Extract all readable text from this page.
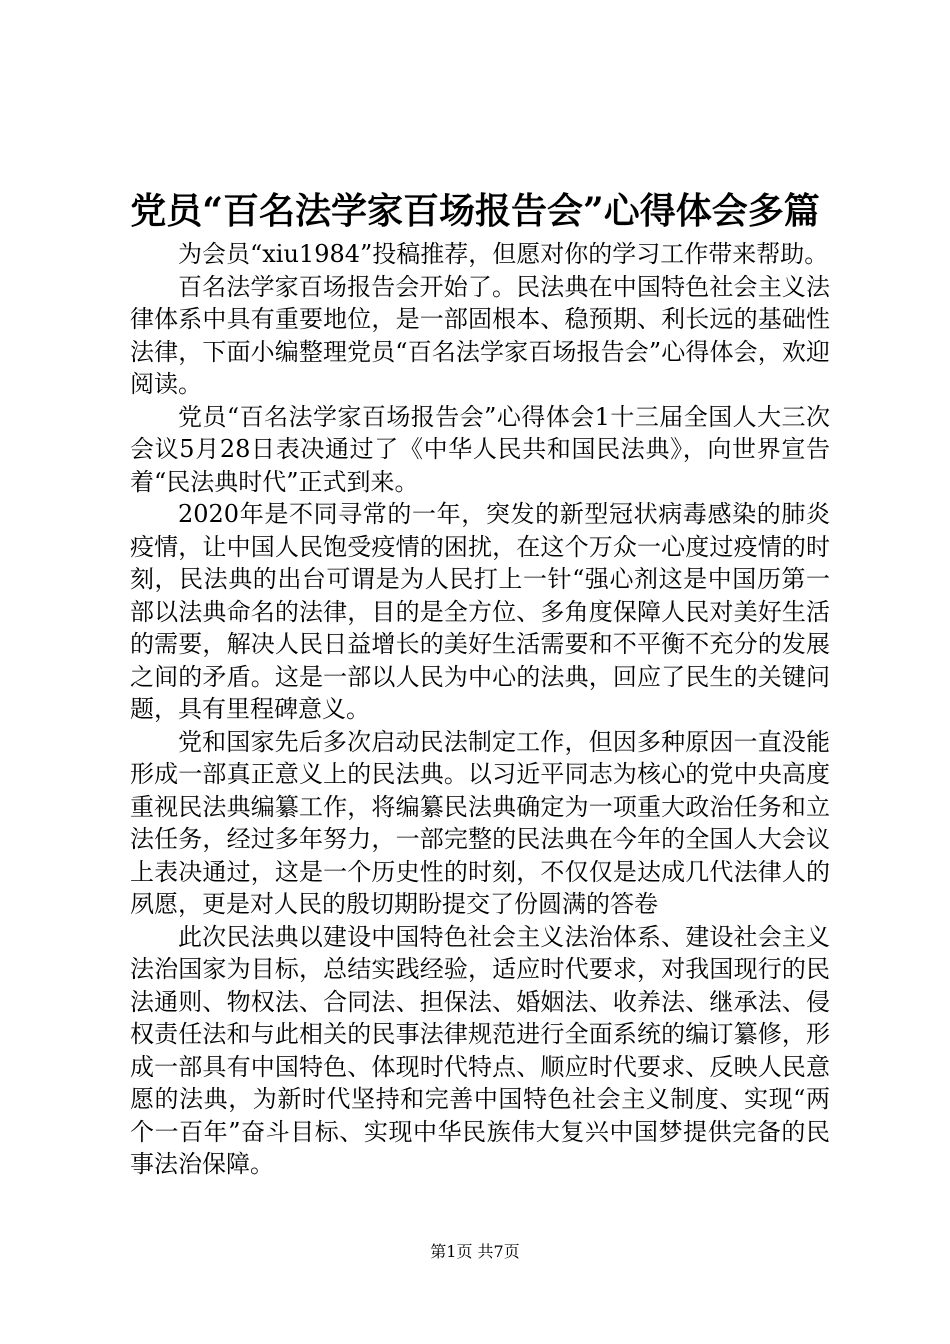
党员“百名法学家百场报告会”心得体会多篇

为会员“xiu1984”投稿推荐，但愿对你的学习工作带来帮助。

百名法学家百场报告会开始了。民法典在中国特色社会主义法律体系中具有重要地位，是一部固根本、稳预期、利长远的基础性法律，下面小编整理党员“百名法学家百场报告会”心得体会，欢迎阅读。

党员“百名法学家百场报告会”心得体会1十三届全国人大三次会议5月28日表决通过了《中华人民共和国民法典》，向世界宣告着“民法典时代”正式到来。

2020年是不同寻常的一年，突发的新型冠状病毒感染的肺炎疫情，让中国人民饱受疫情的困扰，在这个万众一心度过疫情的时刻，民法典的出台可谓是为人民打上一针“强心剂这是中国历第一部以法典命名的法律，目的是全方位、多角度保障人民对美好生活的需要，解决人民日益增长的美好生活需要和不平衡不充分的发展之间的矛盾。这是一部以人民为中心的法典，回应了民生的关键问题，具有里程碑意义。

党和国家先后多次启动民法制定工作，但因多种原因一直没能形成一部真正意义上的民法典。以习近平同志为核心的党中央高度重视民法典编纂工作，将编纂民法典确定为一项重大政治任务和立法任务，经过多年努力，一部完整的民法典在今年的全国人大会议上表决通过，这是一个历史性的时刻，不仅仅是达成几代法律人的夙愿，更是对人民的殷切期盼提交了份圆满的答卷

此次民法典以建设中国特色社会主义法治体系、建设社会主义法治国家为目标，总结实践经验，适应时代要求，对我国现行的民法通则、物权法、合同法、担保法、婚姻法、收养法、继承法、侵权责任法和与此相关的民事法律规范进行全面系统的编订纂修，形成一部具有中国特色、体现时代特点、顺应时代要求、反映人民意愿的法典，为新时代坚持和完善中国特色社会主义制度、实现“两个一百年”奋斗目标、实现中华民族伟大复兴中国梦提供完备的民事法治保障。

第1页 共7页
